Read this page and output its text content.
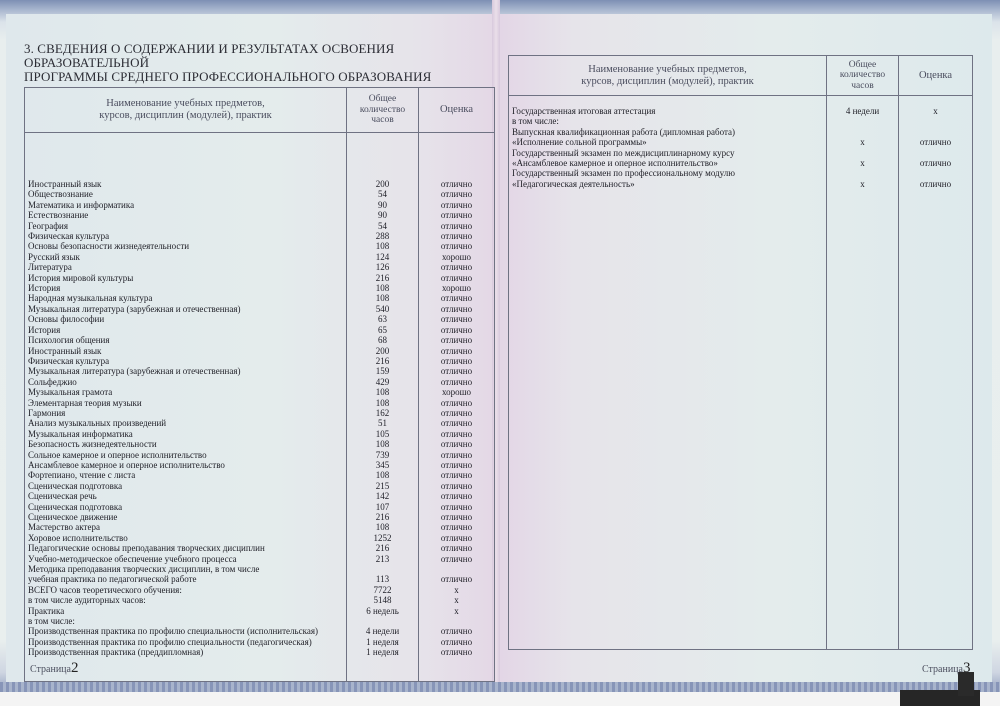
3. СВЕДЕНИЯ О СОДЕРЖАНИИ И РЕЗУЛЬТАТАХ ОСВОЕНИЯ ОБРАЗОВАТЕЛЬНОЙ
ПРОГРАММЫ СРЕДНЕГО ПРОФЕССИОНАЛЬНОГО ОБРАЗОВАНИЯ
Наименование учебных предметов,
курсов, дисциплин (модулей), практик	Общее
количество
часов	Оценка
Иностранный язык	200	отлично
Обществознание	54	отлично
Математика и информатика	90	отлично
Естествознание	90	отлично
География	54	отлично
Физическая культура	288	отлично
Основы безопасности жизнедеятельности	108	отлично
Русский язык	124	хорошо
Литература	126	отлично
История мировой культуры	216	отлично
История	108	хорошо
Народная музыкальная культура	108	отлично
Музыкальная литература (зарубежная и отечественная)	540	отлично
Основы философии	63	отлично
История	65	отлично
Психология общения	68	отлично
Иностранный язык	200	отлично
Физическая культура	216	отлично
Музыкальная литература (зарубежная и отечественная)	159	отлично
Сольфеджио	429	отлично
Музыкальная грамота	108	хорошо
Элементарная теория музыки	108	отлично
Гармония	162	отлично
Анализ музыкальных произведений	51	отлично
Музыкальная информатика	105	отлично
Безопасность жизнедеятельности	108	отлично
Сольное камерное и оперное исполнительство	739	отлично
Ансамблевое камерное и оперное исполнительство	345	отлично
Фортепиано, чтение с листа	108	отлично
Сценическая подготовка	215	отлично
Сценическая речь	142	отлично
Сценическая подготовка	107	отлично
Сценическое движение	216	отлично
Мастерство актера	108	отлично
Хоровое исполнительство	1252	отлично
Педагогические основы преподавания творческих дисциплин	216	отлично
Учебно-методическое обеспечение учебного процесса	213	отлично
Методика преподавания творческих дисциплин, в том числе		
учебная практика по педагогической работе	113	отлично
ВСЕГО часов теоретического обучения:	7722	x
в том числе аудиторных часов:	5148	x
Практика	6 недель	x
в том числе:		
Производственная практика по профилю специальности (исполнительская)	4 недели	отлично
Производственная практика по профилю специальности (педагогическая)	1 неделя	отлично
Производственная практика (преддипломная)	1 неделя	отлично
Наименование учебных предметов,
курсов, дисциплин (модулей), практик	Общее
количество
часов	Оценка
Государственная итоговая аттестация	4 недели	x
в том числе:		
Выпускная квалификационная работа (дипломная работа)		
«Исполнение сольной программы»	x	отлично
Государственный экзамен по междисциплинарному курсу		
«Ансамблевое камерное и оперное исполнительство»	x	отлично
Государственный экзамен по профессиональному модулю		
«Педагогическая деятельность»	x	отлично
Страница2	Страница3
